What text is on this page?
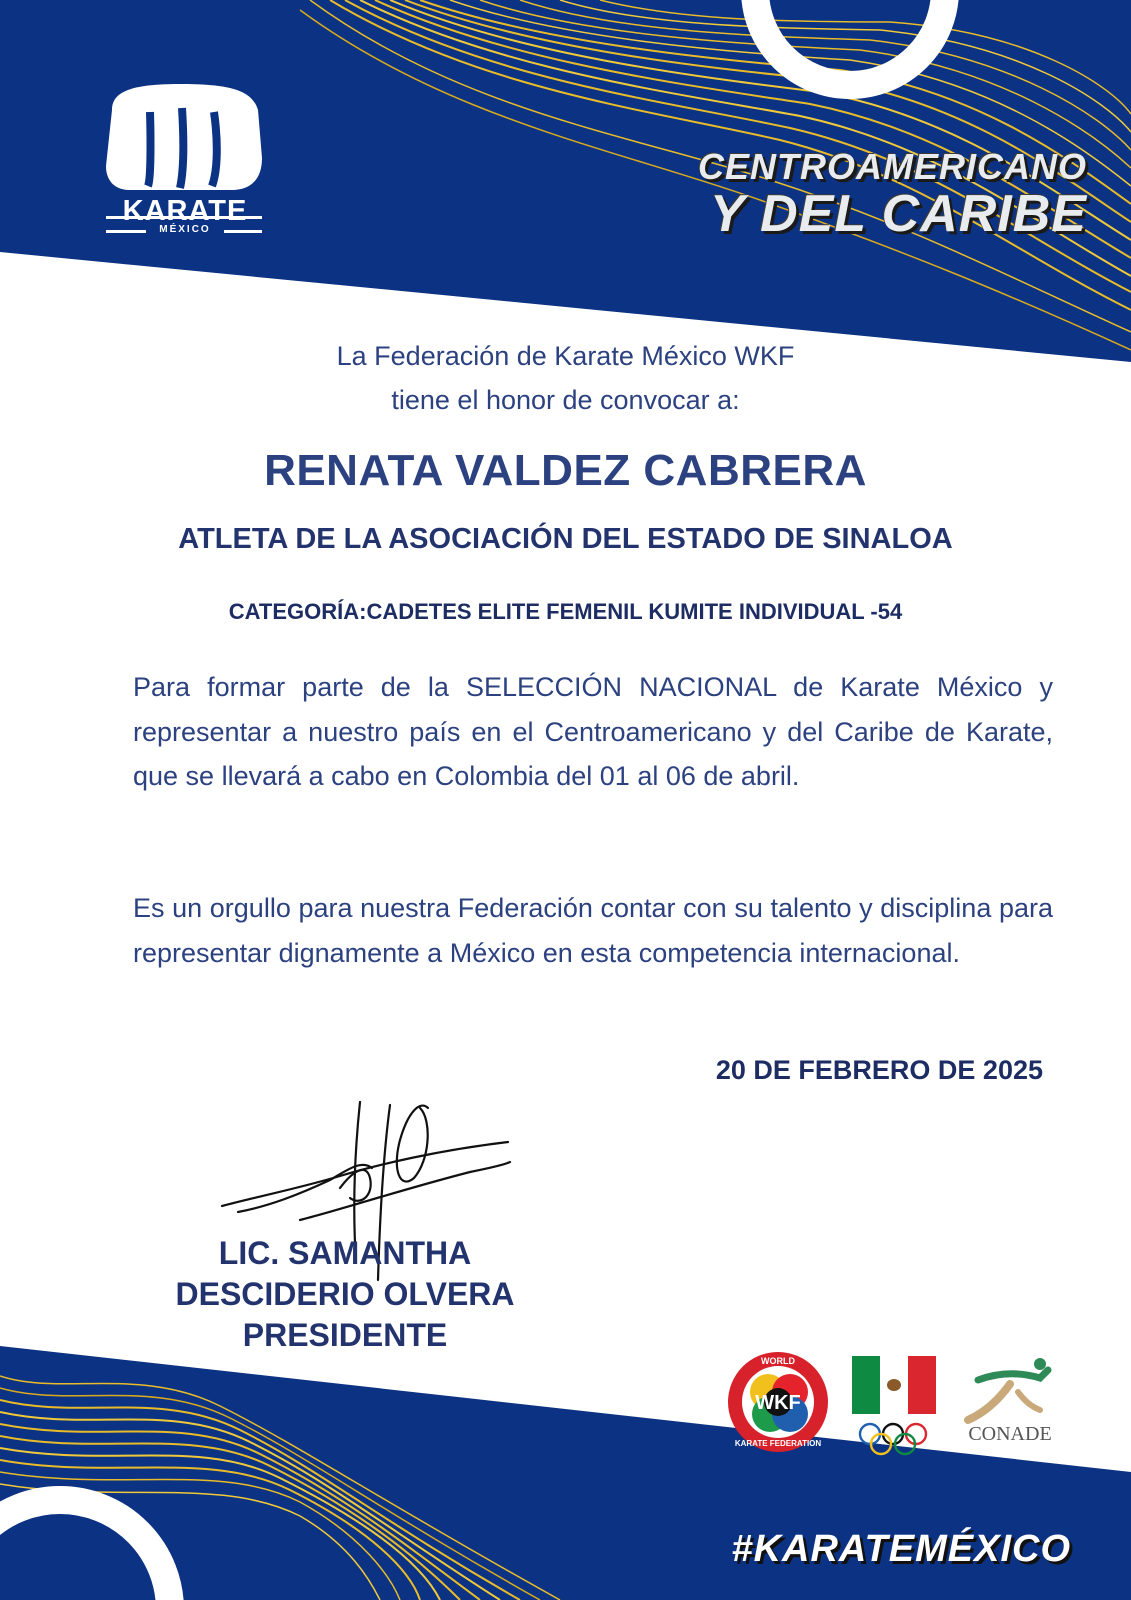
KARATE
MÉXICO
CENTROAMERICANO
Y DEL CARIBE

La Federación de Karate México WKF

tiene el honor de convocar a:

RENATA VALDEZ CABRERA
ATLETA DE LA ASOCIACIÓN DEL ESTADO DE SINALOA
CATEGORÍA:CADETES ELITE FEMENIL KUMITE INDIVIDUAL -54

Para formar parte de la SELECCIÓN NACIONAL de Karate México y representar a nuestro país en el Centroamericano y del Caribe de Karate, que se llevará a cabo en Colombia del 01 al 06 de abril.

Es un orgullo para nuestra Federación contar con su talento y disciplina para representar dignamente a México en esta competencia internacional.

20 DE FEBRERO DE 2025

LIC. SAMANTHA

DESCIDERIO OLVERA

PRESIDENTE

WKF
WORLD
KARATE FEDERATION	CONADE
#KARATEMÉXICO
